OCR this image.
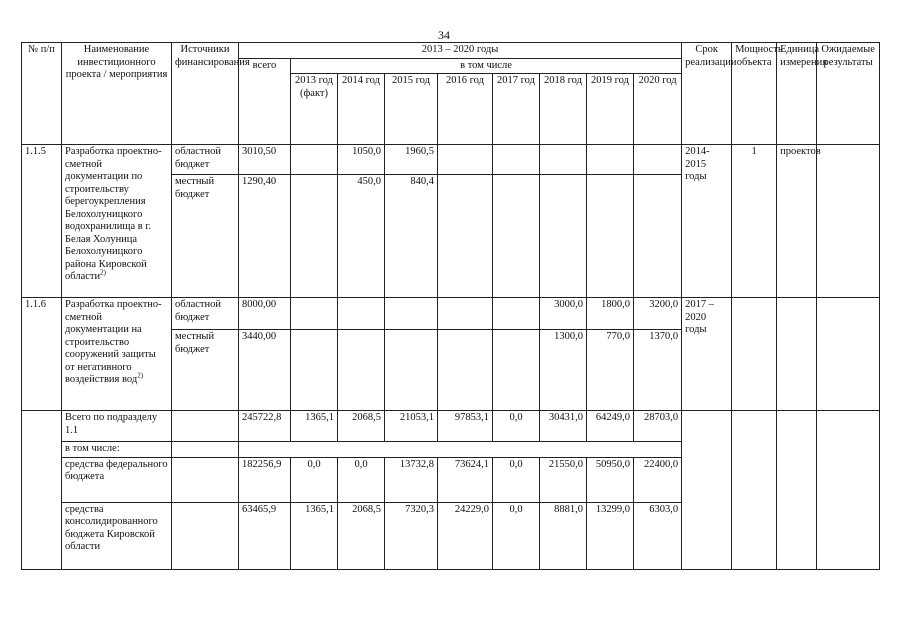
34
№ п/п	Наименование инвестиционного проекта / мероприятия	Источники финансирования	2013 – 2020 годы									Срок реализации	Мощность объекта	Единица измерения	Ожидаемые результаты
			всего	в том числе											
				2013 год (факт)	2014 год	2015 год	2016 год	2017 год	2018 год	2019 год	2020 год				
1.1.5	Разработка проектно-сметной документации по строительству берегоукрепления Белохолуницкого водохранилища в г. Белая Холуница Белохолуницкого района Кировской области$^{2)}$	областной бюджет	3010,50		1050,0	1960,5						2014-2015 годы	1	проектов	
		местный бюджет	1290,40		450,0	840,4									
1.1.6	Разработка проектно-сметной документации на строительство сооружений защиты от негативного воздействия вод$^{2)}$	областной бюджет	8000,00						3000,0	1800,0	3200,0	2017 – 2020 годы			
		местный бюджет	3440,00						1300,0	770,0	1370,0				
	Всего по подразделу 1.1		245722,8	1365,1	2068,5	21053,1	97853,1	0,0	30431,0	64249,0	28703,0				
	в том числе:														
	средства федерального бюджета		182256,9	0,0	0,0	13732,8	73624,1	0,0	21550,0	50950,0	22400,0				
	средства консолидированного бюджета Кировской области		63465,9	1365,1	2068,5	7320,3	24229,0	0,0	8881,0	13299,0	6303,0				
